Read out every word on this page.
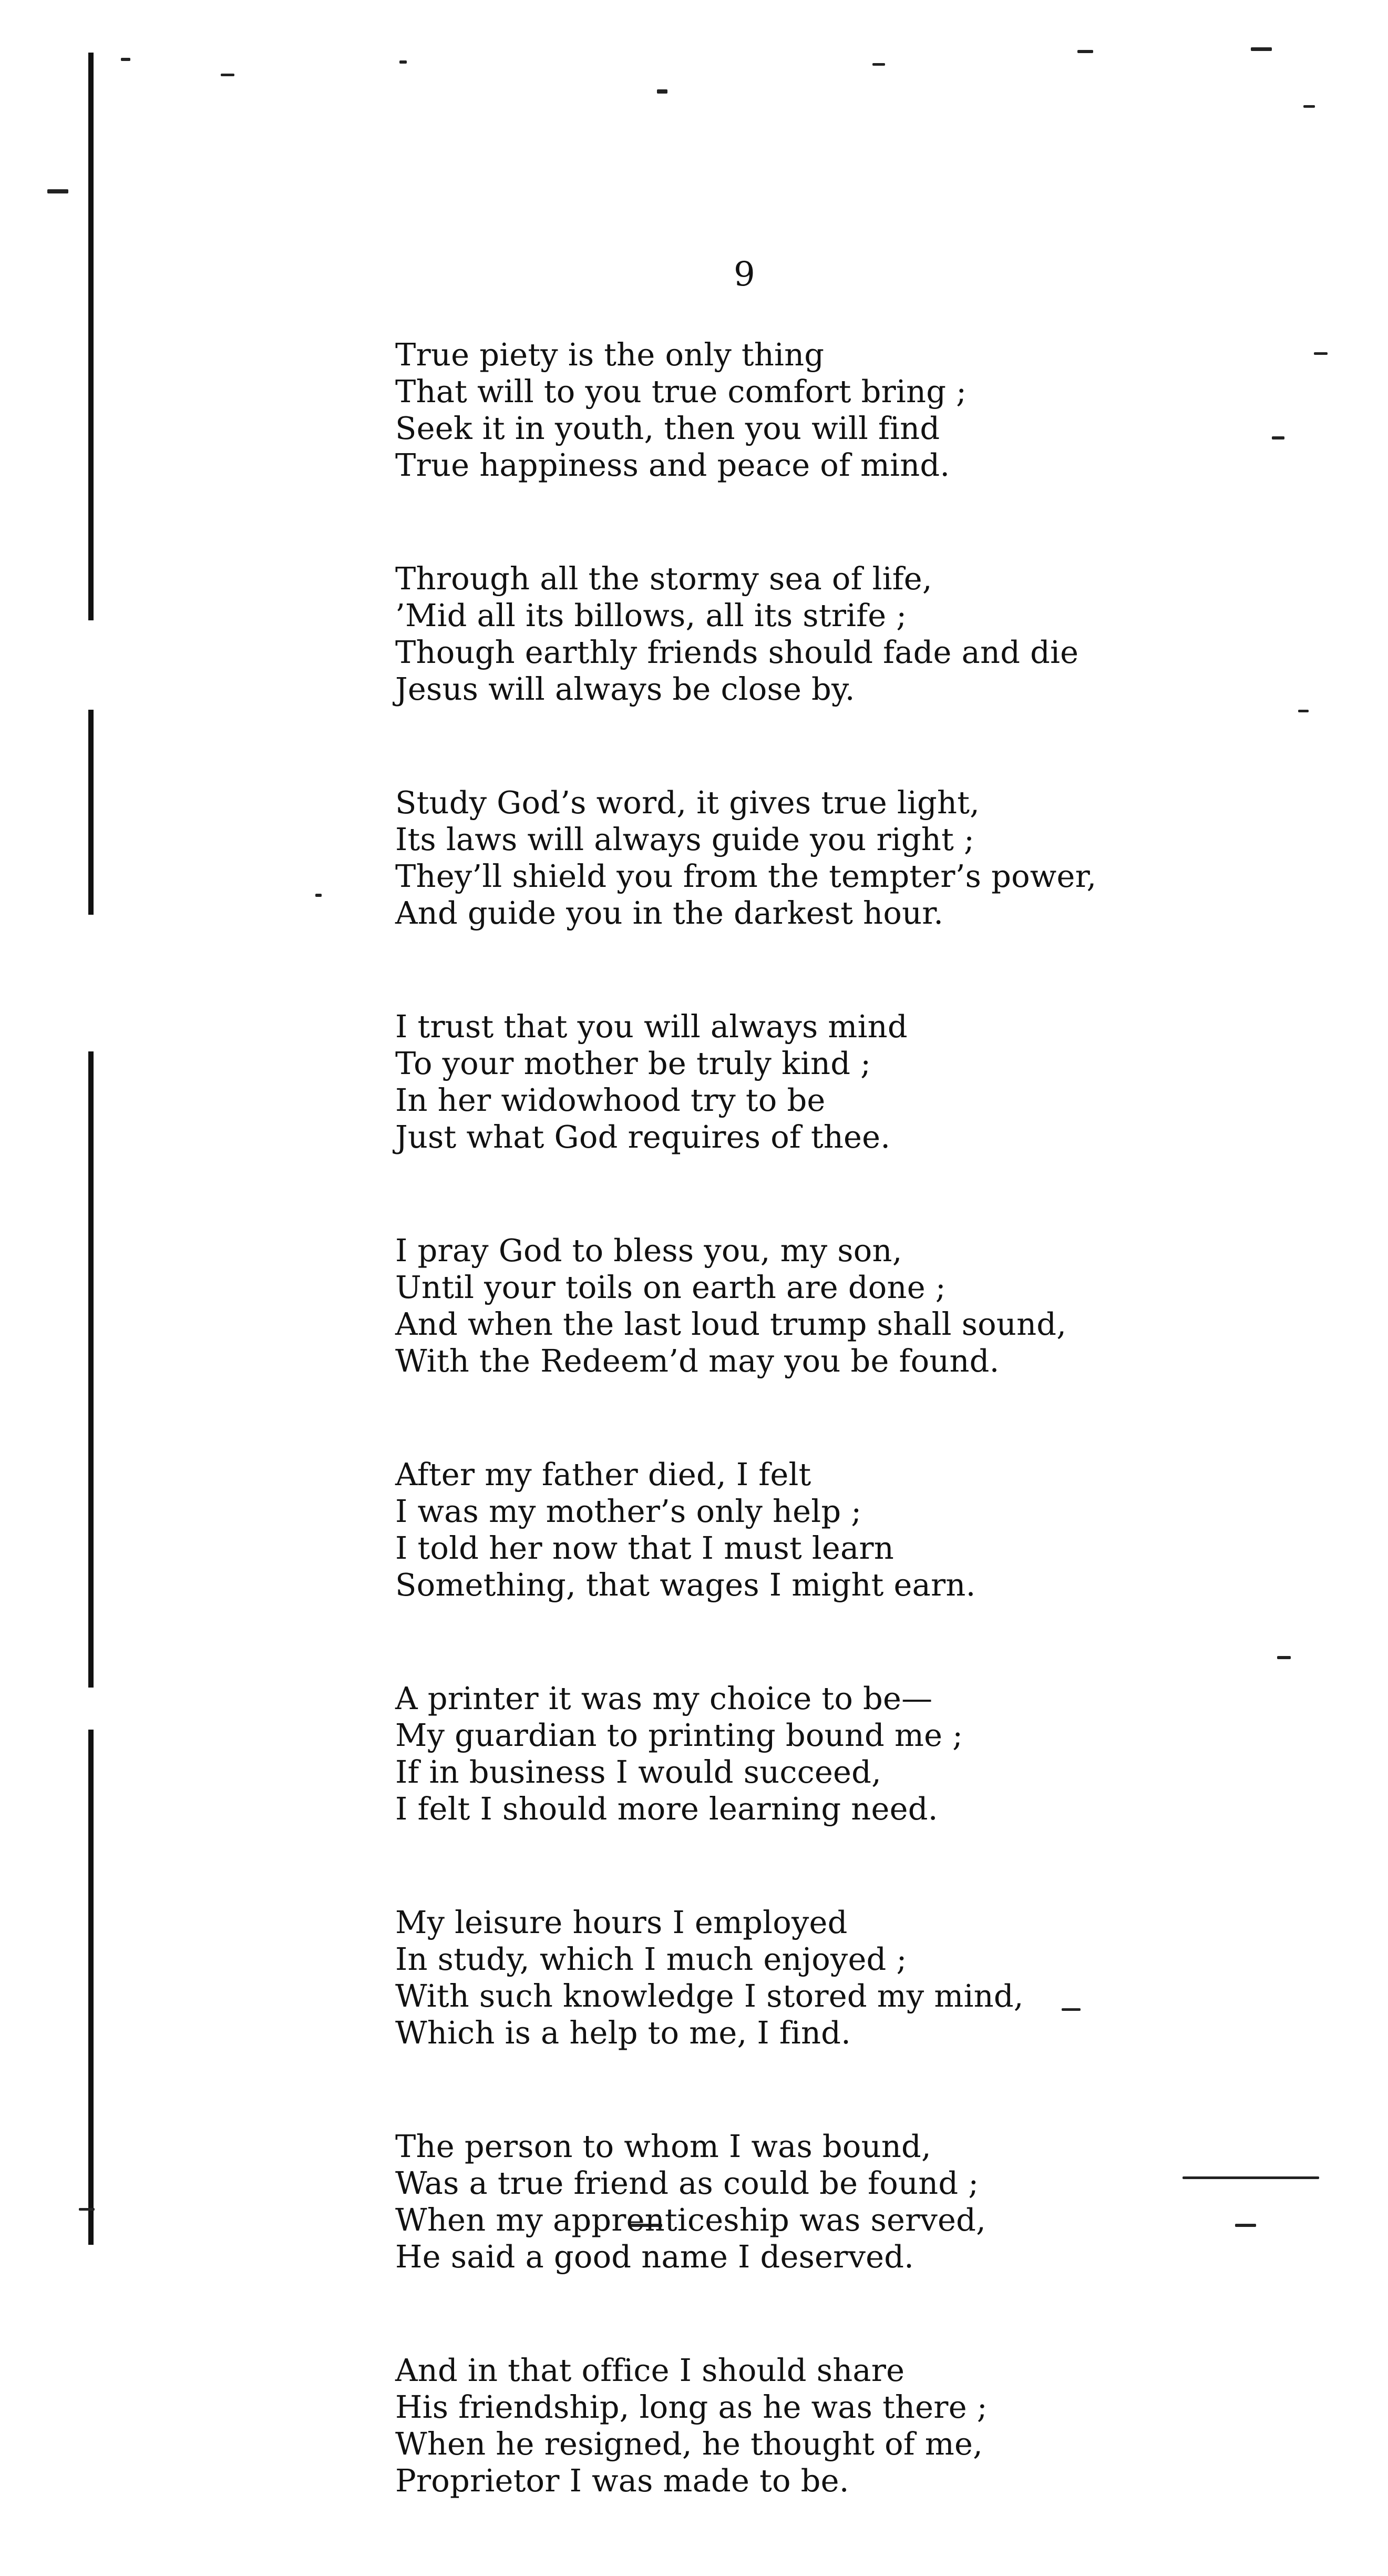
9
True piety is the only thing
That will to you true comfort bring ;
Seek it in youth, then you will find
True happiness and peace of mind.
Through all the stormy sea of life,
’Mid all its billows, all its strife ;
Though earthly friends should fade and die
Jesus will always be close by.
Study God’s word, it gives true light,
Its laws will always guide you right ;
They’ll shield you from the tempter’s power,
And guide you in the darkest hour.
I trust that you will always mind
To your mother be truly kind ;
In her widowhood try to be
Just what God requires of thee.
I pray God to bless you, my son,
Until your toils on earth are done ;
And when the last loud trump shall sound,
With the Redeem’d may you be found.
After my father died, I felt
I was my mother’s only help ;
I told her now that I must learn
Something, that wages I might earn.
A printer it was my choice to be—
My guardian to printing bound me ;
If in business I would succeed,
I felt I should more learning need.
My leisure hours I employed
In study, which I much enjoyed ;
With such knowledge I stored my mind,
Which is a help to me, I find.
The person to whom I was bound,
Was a true friend as could be found ;
When my apprenticeship was served,
He said a good name I deserved.
And in that office I should share
His friendship, long as he was there ;
When he resigned, he thought of me,
Proprietor I was made to be.
